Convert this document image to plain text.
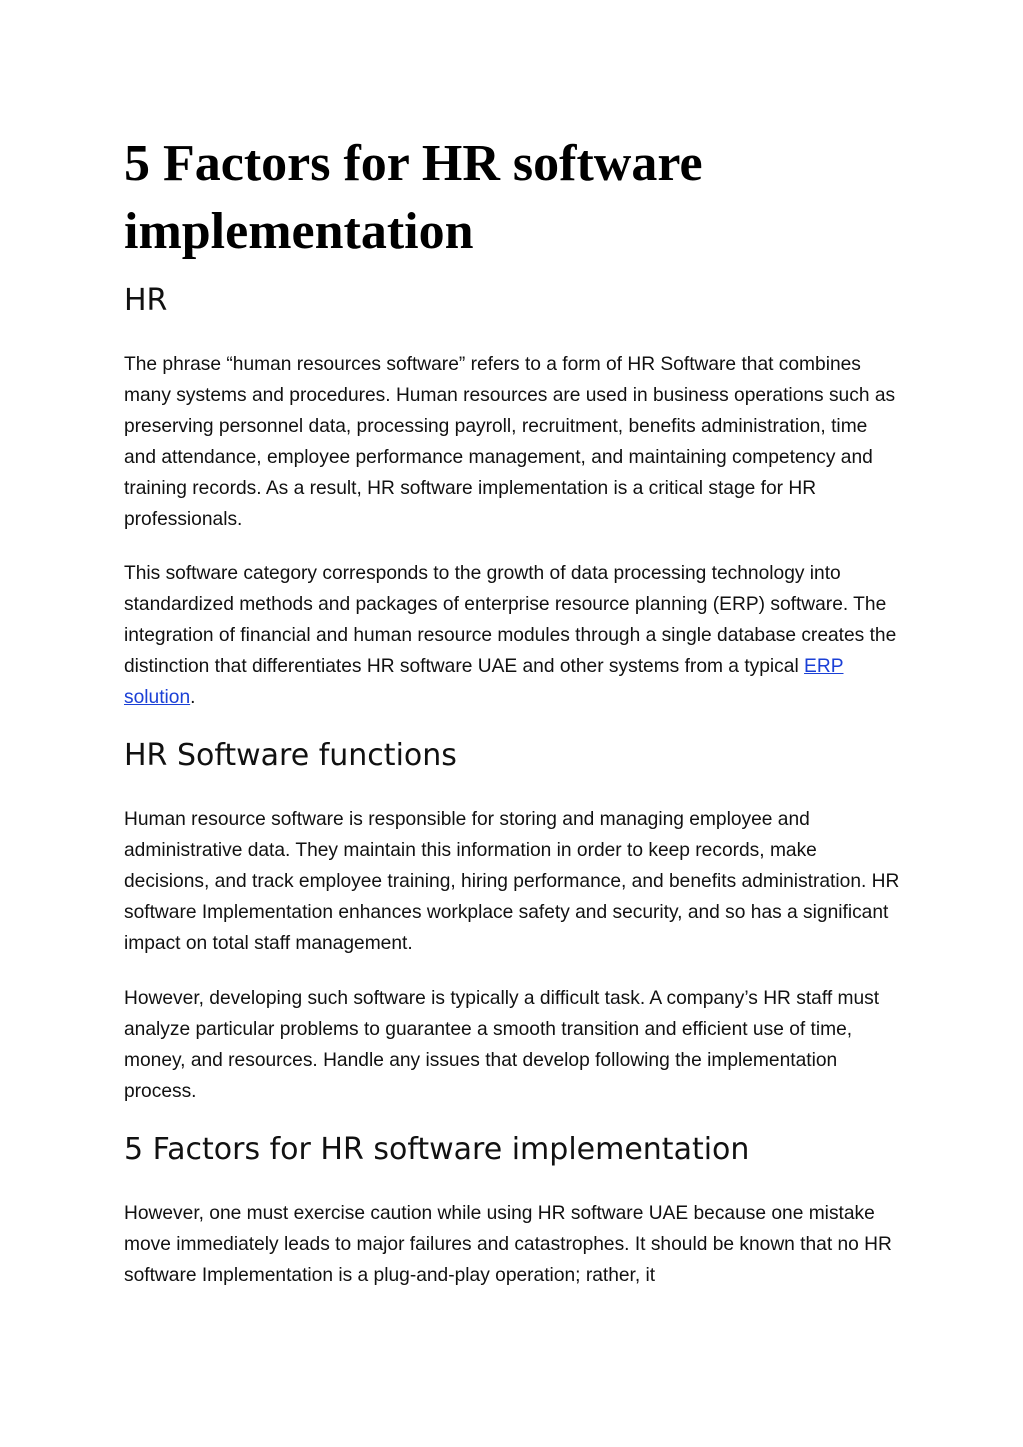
5 Factors for HR software implementation
HR

The phrase “human resources software” refers to a form of HR Software that combines many systems and procedures. Human resources are used in business operations such as preserving personnel data, processing payroll, recruitment, benefits administration, time and attendance, employee performance management, and maintaining competency and training records. As a result, HR software implementation is a critical stage for HR professionals.

This software category corresponds to the growth of data processing technology into standardized methods and packages of enterprise resource planning (ERP) software. The integration of financial and human resource modules through a single database creates the distinction that differentiates HR software UAE and other systems from a typical ERP solution.

HR Software functions

Human resource software is responsible for storing and managing employee and administrative data. They maintain this information in order to keep records, make decisions, and track employee training, hiring performance, and benefits administration. HR software Implementation enhances workplace safety and security, and so has a significant impact on total staff management.

However, developing such software is typically a difficult task. A company’s HR staff must analyze particular problems to guarantee a smooth transition and efficient use of time, money, and resources. Handle any issues that develop following the implementation process.

5 Factors for HR software implementation

However, one must exercise caution while using HR software UAE because one mistake move immediately leads to major failures and catastrophes. It should be known that no HR software Implementation is a plug-and-play operation; rather, it
